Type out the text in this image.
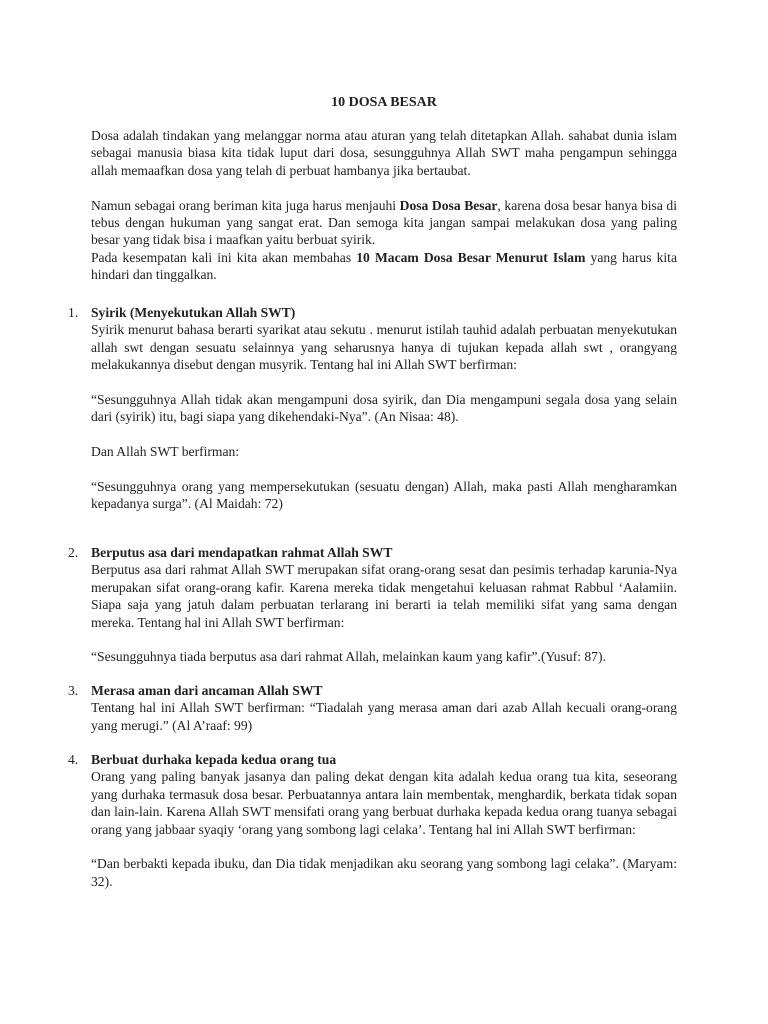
10 DOSA BESAR

Dosa adalah tindakan yang melanggar norma atau aturan yang telah ditetapkan Allah. sahabat dunia islam sebagai manusia biasa kita tidak luput dari dosa, sesungguhnya Allah SWT maha pengampun sehingga allah memaafkan dosa yang telah di perbuat hambanya jika bertaubat.

Namun sebagai orang beriman kita juga harus menjauhi Dosa Dosa Besar, karena dosa besar hanya bisa di tebus dengan hukuman yang sangat erat. Dan semoga kita jangan sampai melakukan dosa yang paling besar yang tidak bisa i maafkan yaitu berbuat syirik.

Pada kesempatan kali ini kita akan membahas 10 Macam Dosa Besar Menurut Islam yang harus kita hindari dan tinggalkan.

1. Syirik (Menyekutukan Allah SWT)

Syirik menurut bahasa berarti syarikat atau sekutu . menurut istilah tauhid adalah perbuatan menyekutukan allah swt dengan sesuatu selainnya yang seharusnya hanya di tujukan kepada allah swt , orangyang melakukannya disebut dengan musyrik. Tentang hal ini Allah SWT berfirman:

“Sesungguhnya Allah tidak akan mengampuni dosa syirik, dan Dia mengampuni segala dosa yang selain dari (syirik) itu, bagi siapa yang dikehendaki-Nya”. (An Nisaa: 48).

Dan Allah SWT berfirman:

“Sesungguhnya orang yang mempersekutukan (sesuatu dengan) Allah, maka pasti Allah mengharamkan kepadanya surga”. (Al Maidah: 72)

2. Berputus asa dari mendapatkan rahmat Allah SWT

Berputus asa dari rahmat Allah SWT merupakan sifat orang-orang sesat dan pesimis terhadap karunia-Nya merupakan sifat orang-orang kafir. Karena mereka tidak mengetahui keluasan rahmat Rabbul ‘Aalamiin. Siapa saja yang jatuh dalam perbuatan terlarang ini berarti ia telah memiliki sifat yang sama dengan mereka. Tentang hal ini Allah SWT berfirman:

“Sesungguhnya tiada berputus asa dari rahmat Allah, melainkan kaum yang kafir”.(Yusuf: 87).

3. Merasa aman dari ancaman Allah SWT

Tentang hal ini Allah SWT berfirman: “Tiadalah yang merasa aman dari azab Allah kecuali orang-orang yang merugi.” (Al A’raaf: 99)

4. Berbuat durhaka kepada kedua orang tua

Orang yang paling banyak jasanya dan paling dekat dengan kita adalah kedua orang tua kita, seseorang yang durhaka termasuk dosa besar. Perbuatannya antara lain membentak, menghardik, berkata tidak sopan dan lain-lain. Karena Allah SWT mensifati orang yang berbuat durhaka kepada kedua orang tuanya sebagai orang yang jabbaar syaqiy ‘orang yang sombong lagi celaka’. Tentang hal ini Allah SWT berfirman:

“Dan berbakti kepada ibuku, dan Dia tidak menjadikan aku seorang yang sombong lagi celaka”. (Maryam: 32).
